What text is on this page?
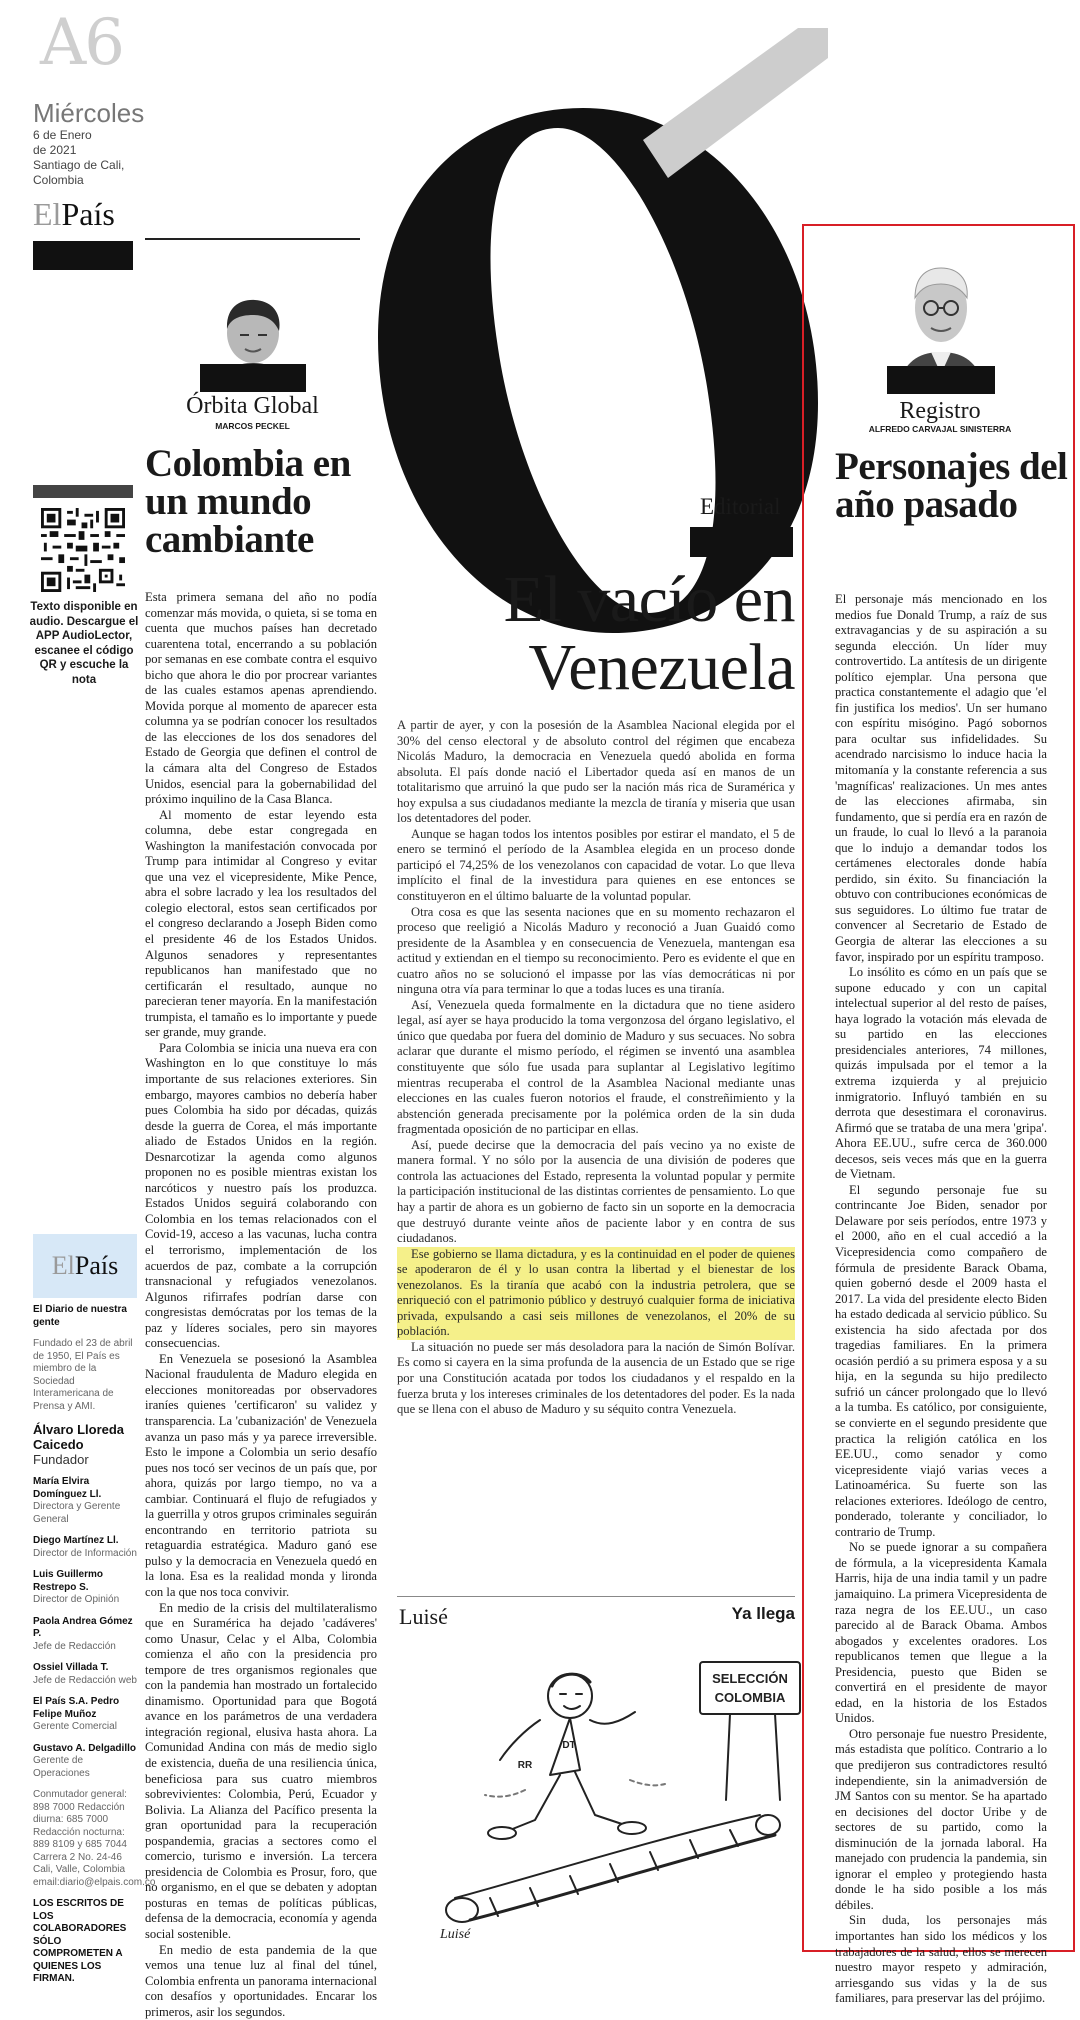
A6
Miércoles
6 de Enero
de 2021
Santiago de Cali,
Colombia
ElPaís
Texto disponible en audio. Descargue el APP AudioLector, escanee el código QR y escuche la nota
El País
El Diario de nuestra gente
Fundado el 23 de abril de 1950, El País es miembro de la Sociedad Interamericana de Prensa y AMI.
Álvaro Lloreda Caicedo
Fundador
María Elvira Domínguez Ll.
Directora y Gerente General
Diego Martínez Ll.
Director de Información
Luis Guillermo Restrepo S.
Director de Opinión
Paola Andrea Gómez P.
Jefe de Redacción
Ossiel Villada T.
Jefe de Redacción web
El País S.A. Pedro Felipe Muñoz
Gerente Comercial
Gustavo A. Delgadillo
Gerente de Operaciones
Conmutador general: 898 7000 Redacción diurna: 685 7000 Redacción nocturna: 889 8109 y 685 7044 Carrera 2 No. 24-46 Cali, Valle, Colombia email:diario@elpais.com.co
LOS ESCRITOS DE LOS COLABORADORES SÓLO COMPROMETEN A QUIENES LOS FIRMAN.
Órbita Global
MARCOS PECKEL
Colombia en un mundo cambiante

Esta primera semana del año no podía comenzar más movida, o quieta, si se toma en cuenta que muchos países han decretado cuarentena total, encerrando a su población por semanas en ese combate contra el esquivo bicho que ahora le dio por procrear variantes de las cuales estamos apenas aprendiendo. Movida porque al momento de aparecer esta columna ya se podrían conocer los resultados de las elecciones de los dos senadores del Estado de Georgia que definen el control de la cámara alta del Congreso de Estados Unidos, esencial para la gobernabilidad del próximo inquilino de la Casa Blanca.

Al momento de estar leyendo esta columna, debe estar congregada en Washington la manifestación convocada por Trump para intimidar al Congreso y evitar que una vez el vicepresidente, Mike Pence, abra el sobre lacrado y lea los resultados del colegio electoral, estos sean certificados por el congreso declarando a Joseph Biden como el presidente 46 de los Estados Unidos. Algunos senadores y representantes republicanos han manifestado que no certificarán el resultado, aunque no parecieran tener mayoría. En la manifestación trumpista, el tamaño es lo importante y puede ser grande, muy grande.

Para Colombia se inicia una nueva era con Washington en lo que constituye lo más importante de sus relaciones exteriores. Sin embargo, mayores cambios no debería haber pues Colombia ha sido por décadas, quizás desde la guerra de Corea, el más importante aliado de Estados Unidos en la región. Desnarcotizar la agenda como algunos proponen no es posible mientras existan los narcóticos y nuestro país los produzca. Estados Unidos seguirá colaborando con Colombia en los temas relacionados con el Covid-19, acceso a las vacunas, lucha contra el terrorismo, implementación de los acuerdos de paz, combate a la corrupción transnacional y refugiados venezolanos. Algunos rifirrafes podrían darse con congresistas demócratas por los temas de la paz y líderes sociales, pero sin mayores consecuencias.

En Venezuela se posesionó la Asamblea Nacional fraudulenta de Maduro elegida en elecciones monitoreadas por observadores iraníes quienes 'certificaron' su validez y transparencia. La 'cubanización' de Venezuela avanza un paso más y ya parece irreversible. Esto le impone a Colombia un serio desafío pues nos tocó ser vecinos de un país que, por ahora, quizás por largo tiempo, no va a cambiar. Continuará el flujo de refugiados y la guerrilla y otros grupos criminales seguirán encontrando en territorio patriota su retaguardia estratégica. Maduro ganó ese pulso y la democracia en Venezuela quedó en la lona. Esa es la realidad monda y lironda con la que nos toca convivir.

En medio de la crisis del multilateralismo que en Suramérica ha dejado 'cadáveres' como Unasur, Celac y el Alba, Colombia comienza el año con la presidencia pro tempore de tres organismos regionales que con la pandemia han mostrado un fortalecido dinamismo. Oportunidad para que Bogotá avance en los parámetros de una verdadera integración regional, elusiva hasta ahora. La Comunidad Andina con más de medio siglo de existencia, dueña de una resiliencia única, beneficiosa para sus cuatro miembros sobrevivientes: Colombia, Perú, Ecuador y Bolivia. La Alianza del Pacífico presenta la gran oportunidad para la recuperación pospandemia, gracias a sectores como el comercio, turismo e inversión. La tercera presidencia de Colombia es Prosur, foro, que no organismo, en el que se debaten y adoptan posturas en temas de políticas públicas, defensa de la democracia, economía y agenda social sostenible.

En medio de esta pandemia de la que vemos una tenue luz al final del túnel, Colombia enfrenta un panorama internacional con desafíos y oportunidades. Encarar los primeros, asir los segundos.

Editorial
El vacío en
Venezuela

A partir de ayer, y con la posesión de la Asamblea Nacional elegida por el 30% del censo electoral y de absoluto control del régimen que encabeza Nicolás Maduro, la democracia en Venezuela quedó abolida en forma absoluta. El país donde nació el Libertador queda así en manos de un totalitarismo que arruinó la que pudo ser la nación más rica de Suramérica y hoy expulsa a sus ciudadanos mediante la mezcla de tiranía y miseria que usan los detentadores del poder.

Aunque se hagan todos los intentos posibles por estirar el mandato, el 5 de enero se terminó el período de la Asamblea elegida en un proceso donde participó el 74,25% de los venezolanos con capacidad de votar. Lo que lleva implícito el final de la investidura para quienes en ese entonces se constituyeron en el último baluarte de la voluntad popular.

Otra cosa es que las sesenta naciones que en su momento rechazaron el proceso que reeligió a Nicolás Maduro y reconoció a Juan Guaidó como presidente de la Asamblea y en consecuencia de Venezuela, mantengan esa actitud y extiendan en el tiempo su reconocimiento. Pero es evidente el que en cuatro años no se solucionó el impasse por las vías democráticas ni por ninguna otra vía para terminar lo que a todas luces es una tiranía.

Así, Venezuela queda formalmente en la dictadura que no tiene asidero legal, así ayer se haya producido la toma vergonzosa del órgano legislativo, el único que quedaba por fuera del dominio de Maduro y sus secuaces. No sobra aclarar que durante el mismo período, el régimen se inventó una asamblea constituyente que sólo fue usada para suplantar al Legislativo legítimo mientras recuperaba el control de la Asamblea Nacional mediante unas elecciones en las cuales fueron notorios el fraude, el constreñimiento y la abstención generada precisamente por la polémica orden de la sin duda fragmentada oposición de no participar en ellas.

Así, puede decirse que la democracia del país vecino ya no existe de manera formal. Y no sólo por la ausencia de una división de poderes que controla las actuaciones del Estado, representa la voluntad popular y permite la participación institucional de las distintas corrientes de pensamiento. Lo que hay a partir de ahora es un gobierno de facto sin un soporte en la democracia que destruyó durante veinte años de paciente labor y en contra de sus ciudadanos.

Ese gobierno se llama dictadura, y es la continuidad en el poder de quienes se apoderaron de él y lo usan contra la libertad y el bienestar de los venezolanos. Es la tiranía que acabó con la industria petrolera, que se enriqueció con el patrimonio público y destruyó cualquier forma de iniciativa privada, expulsando a casi seis millones de venezolanos, el 20% de su población.

La situación no puede ser más desoladora para la nación de Simón Bolívar. Es como si cayera en la sima profunda de la ausencia de un Estado que se rige por una Constitución acatada por todos los ciudadanos y el respaldo en la fuerza bruta y los intereses criminales de los detentadores del poder. Es la nada que se llena con el abuso de Maduro y su séquito contra Venezuela.

Luisé	Ya llega
SELECCIÓN
COLOMBIA
DT
RR
Luisé
Registro
ALFREDO CARVAJAL SINISTERRA
Personajes del año pasado

El personaje más mencionado en los medios fue Donald Trump, a raíz de sus extravagancias y de su aspiración a su segunda elección. Un líder muy controvertido. La antítesis de un dirigente político ejemplar. Una persona que practica constantemente el adagio que 'el fin justifica los medios'. Un ser humano con espíritu misógino. Pagó sobornos para ocultar sus infidelidades. Su acendrado narcisismo lo induce hacia la mitomanía y la constante referencia a sus 'magníficas' realizaciones. Un mes antes de las elecciones afirmaba, sin fundamento, que si perdía era en razón de un fraude, lo cual lo llevó a la paranoia que lo indujo a demandar todos los certámenes electorales donde había perdido, sin éxito. Su financiación la obtuvo con contribuciones económicas de sus seguidores. Lo último fue tratar de convencer al Secretario de Estado de Georgia de alterar las elecciones a su favor, inspirado por un espíritu tramposo.

Lo insólito es cómo en un país que se supone educado y con un capital intelectual superior al del resto de países, haya logrado la votación más elevada de su partido en las elecciones presidenciales anteriores, 74 millones, quizás impulsada por el temor a la extrema izquierda y al prejuicio inmigratorio. Influyó también en su derrota que desestimara el coronavirus. Afirmó que se trataba de una mera 'gripa'. Ahora EE.UU., sufre cerca de 360.000 decesos, seis veces más que en la guerra de Vietnam.

El segundo personaje fue su contrincante Joe Biden, senador por Delaware por seis períodos, entre 1973 y el 2000, año en el cual accedió a la Vicepresidencia como compañero de fórmula de presidente Barack Obama, quien gobernó desde el 2009 hasta el 2017. La vida del presidente electo Biden ha estado dedicada al servicio público. Su existencia ha sido afectada por dos tragedias familiares. En la primera ocasión perdió a su primera esposa y a su hija, en la segunda su hijo predilecto sufrió un cáncer prolongado que lo llevó a la tumba. Es católico, por consiguiente, se convierte en el segundo presidente que practica la religión católica en los EE.UU., como senador y como vicepresidente viajó varias veces a Latinoamérica. Su fuerte son las relaciones exteriores. Ideólogo de centro, ponderado, tolerante y conciliador, lo contrario de Trump.

No se puede ignorar a su compañera de fórmula, a la vicepresidenta Kamala Harris, hija de una india tamil y un padre jamaiquino. La primera Vicepresidenta de raza negra de los EE.UU., un caso parecido al de Barack Obama. Ambos abogados y excelentes oradores. Los republicanos temen que llegue a la Presidencia, puesto que Biden se convertirá en el presidente de mayor edad, en la historia de los Estados Unidos.

Otro personaje fue nuestro Presidente, más estadista que político. Contrario a lo que predijeron sus contradictores resultó independiente, sin la animadversión de JM Santos con su mentor. Se ha apartado en decisiones del doctor Uribe y de sectores de su partido, como la disminución de la jornada laboral. Ha manejado con prudencia la pandemia, sin ignorar el empleo y protegiendo hasta donde le ha sido posible a los más débiles.

Sin duda, los personajes más importantes han sido los médicos y los trabajadores de la salud, ellos se merecen nuestro mayor respeto y admiración, arriesgando sus vidas y la de sus familiares, para preservar las del prójimo.
